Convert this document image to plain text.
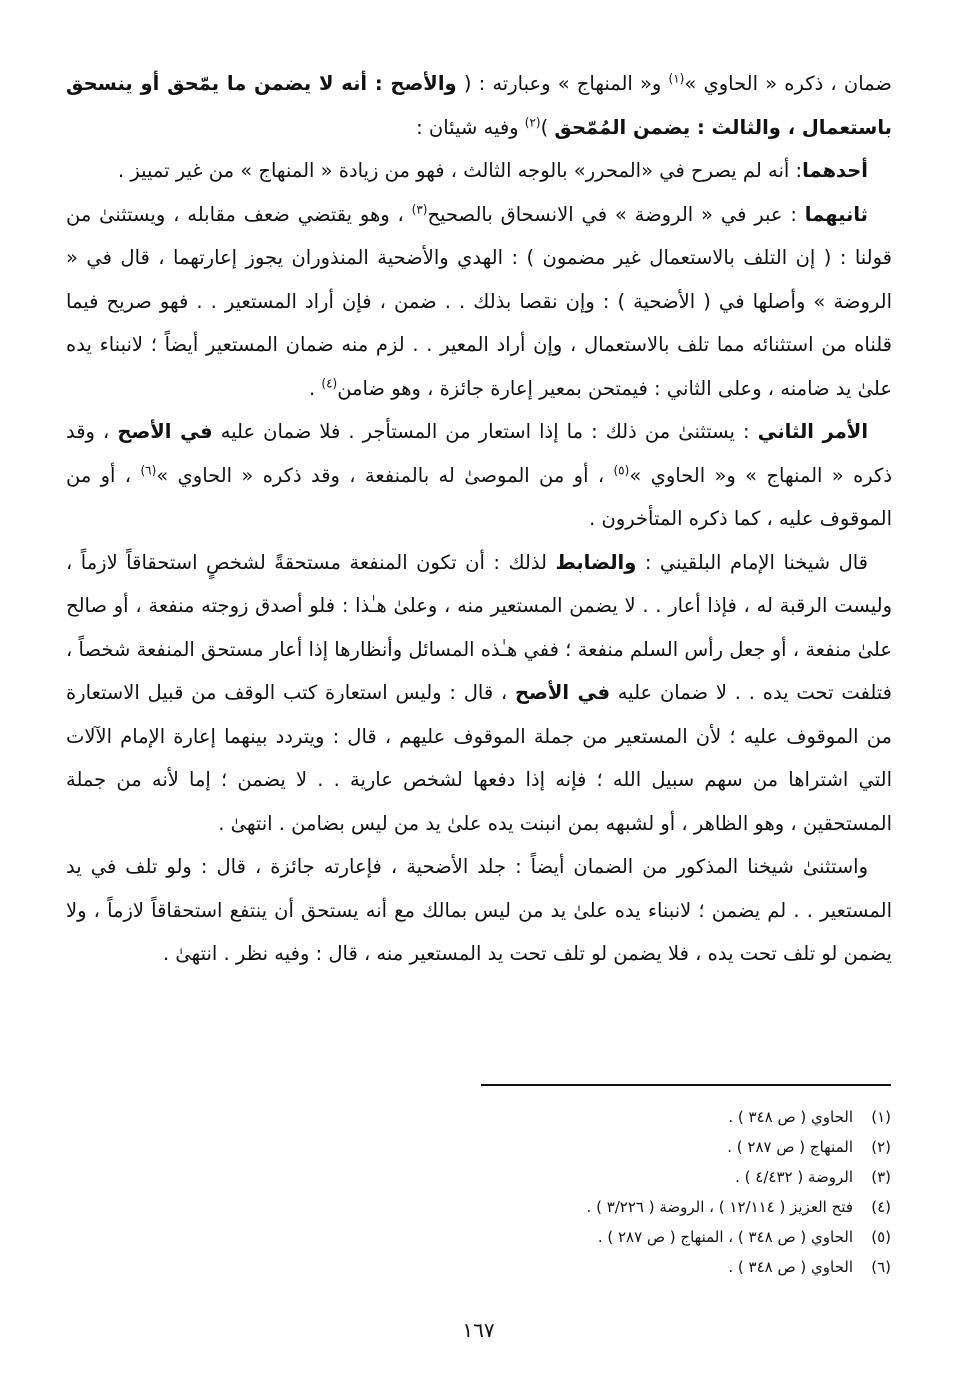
ضمان ، ذكره « الحاوي »$^{(١)}$ و« المنهاج » وعبارته : ( والأصح : أنه لا يضمن ما يمّحق أو ينسحق باستعمال ، والثالث : يضمن المُمّحق )$^{(٢)}$ وفيه شيئان :

أحدهما: أنه لم يصرح في «المحرر» بالوجه الثالث ، فهو من زيادة « المنهاج » من غير تمييز .

ثانيهما : عبر في « الروضة » في الانسحاق بالصحيح$^{(٣)}$ ، وهو يقتضي ضعف مقابله ، ويستثنىٰ من قولنا : ( إن التلف بالاستعمال غير مضمون ) : الهدي والأضحية المنذوران يجوز إعارتهما ، قال في « الروضة » وأصلها في ( الأضحية ) : وإن نقصا بذلك . . ضمن ، فإن أراد المستعير . . فهو صريح فيما قلناه من استثنائه مما تلف بالاستعمال ، وإن أراد المعير . . لزم منه ضمان المستعير أيضاً ؛ لانبناء يده علىٰ يد ضامنه ، وعلى الثاني : فيمتحن بمعير إعارة جائزة ، وهو ضامن$^{(٤)}$ .

الأمر الثاني : يستثنىٰ من ذلك : ما إذا استعار من المستأجر . فلا ضمان عليه في الأصح ، وقد ذكره « المنهاج » و« الحاوي »$^{(٥)}$ ، أو من الموصىٰ له بالمنفعة ، وقد ذكره « الحاوي »$^{(٦)}$ ، أو من الموقوف عليه ، كما ذكره المتأخرون .

قال شيخنا الإمام البلقيني : والضابط لذلك : أن تكون المنفعة مستحقةً لشخصٍ استحقاقاً لازماً ، وليست الرقبة له ، فإذا أعار . . لا يضمن المستعير منه ، وعلىٰ هـٰذا : فلو أصدق زوجته منفعة ، أو صالح علىٰ منفعة ، أو جعل رأس السلم منفعة ؛ ففي هـٰذه المسائل وأنظارها إذا أعار مستحق المنفعة شخصاً ، فتلفت تحت يده . . لا ضمان عليه في الأصح ، قال : وليس استعارة كتب الوقف من قبيل الاستعارة من الموقوف عليه ؛ لأن المستعير من جملة الموقوف عليهم ، قال : ويتردد بينهما إعارة الإمام الآلات التي اشتراها من سهم سبيل الله ؛ فإنه إذا دفعها لشخص عارية . . لا يضمن ؛ إما لأنه من جملة المستحقين ، وهو الظاهر ، أو لشبهه بمن انبنت يده علىٰ يد من ليس بضامن . انتهىٰ .

واستثنىٰ شيخنا المذكور من الضمان أيضاً : جلد الأضحية ، فإعارته جائزة ، قال : ولو تلف في يد المستعير . . لم يضمن ؛ لانبناء يده علىٰ يد من ليس بمالك مع أنه يستحق أن ينتفع استحقاقاً لازماً ، ولا يضمن لو تلف تحت يده ، فلا يضمن لو تلف تحت يد المستعير منه ، قال : وفيه نظر . انتهىٰ .

(١)الحاوي ( ص ٣٤٨ ) .
(٢)المنهاج ( ص ٢٨٧ ) .
(٣)الروضة ( ٤/٤٣٢ ) .
(٤)فتح العزيز ( ١٢/١١٤ ) ، الروضة ( ٣/٢٢٦ ) .
(٥)الحاوي ( ص ٣٤٨ ) ، المنهاج ( ص ٢٨٧ ) .
(٦)الحاوي ( ص ٣٤٨ ) .
١٦٧
